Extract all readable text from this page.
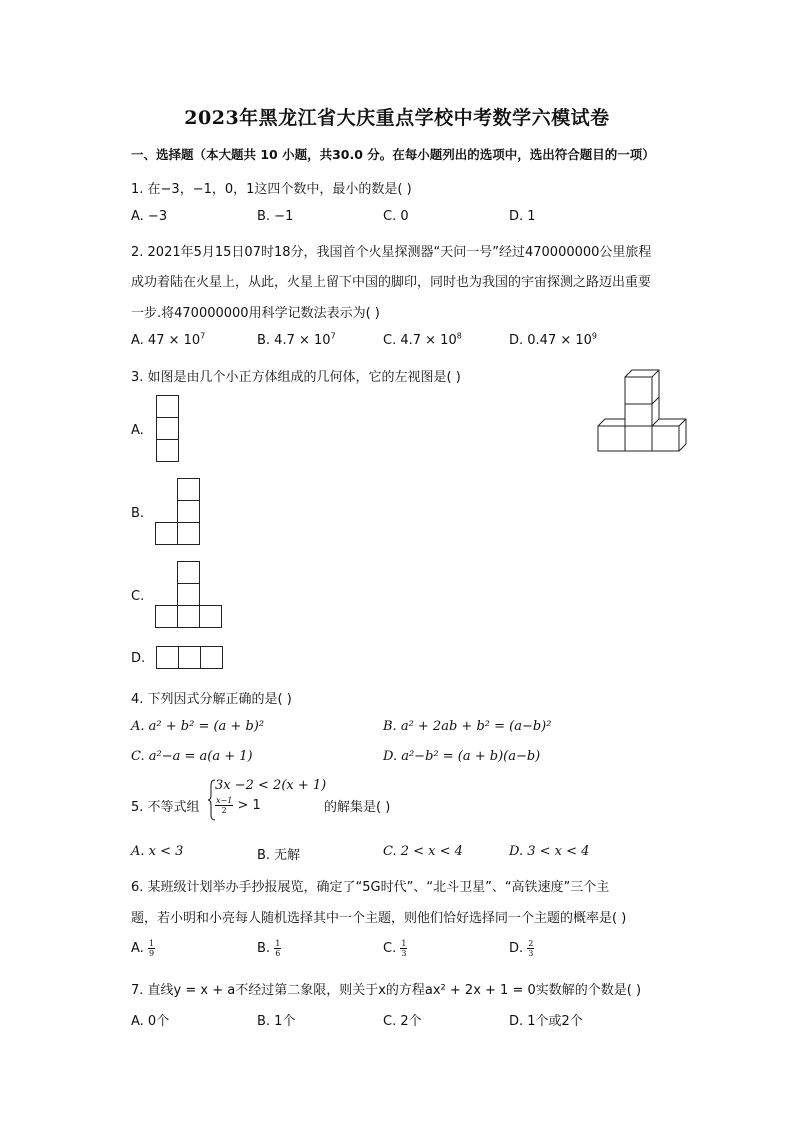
2023年黑龙江省大庆重点学校中考数学六模试卷
一、选择题（本大题共 10 小题，共30.0 分。在每小题列出的选项中，选出符合题目的一项）
1. 在−3，−1，0，1这四个数中，最小的数是( )
A. −3	B. −1	C. 0	D. 1
2. 2021年5月15日07时18分，我国首个火星探测器“天问一号”经过470000000公里旅程
成功着陆在火星上，从此，火星上留下中国的脚印，同时也为我国的宇宙探测之路迈出重要
一步.将470000000用科学记数法表示为( )
A. $47 \times 10^7$	B. $4.7 \times 10^7$	C. $4.7 \times 10^8$	D. $0.47 \times 10^9$
3. 如图是由几个小正方体组成的几何体，它的左视图是( )
A.
B.
C.
D.
4. 下列因式分解正确的是( )
A. a² + b² = (a + b)²	B. a² + 2ab + b² = (a−b)²
C. a²−a = a(a + 1)	D. a²−b² = (a + b)(a−b)
5. 不等式组
3x −2 < 2(x + 1)
$\frac{x-1}{2} > 1$	的解集是( )
A. x < 3	B. 无解	C. 2 < x < 4	D. 3 < x < 4
6. 某班级计划举办手抄报展览，确定了“5G时代”、“北斗卫星”、“高铁速度”三个主
题，若小明和小亮每人随机选择其中一个主题，则他们恰好选择同一个主题的概率是( )
A. $\frac{1}{9}$	B. $\frac{1}{6}$	C. $\frac{1}{3}$	D. $\frac{2}{3}$
7. 直线y = x + a不经过第二象限，则关于x的方程ax² + 2x + 1 = 0实数解的个数是( )
A. 0个	B. 1个	C. 2个	D. 1个或2个
